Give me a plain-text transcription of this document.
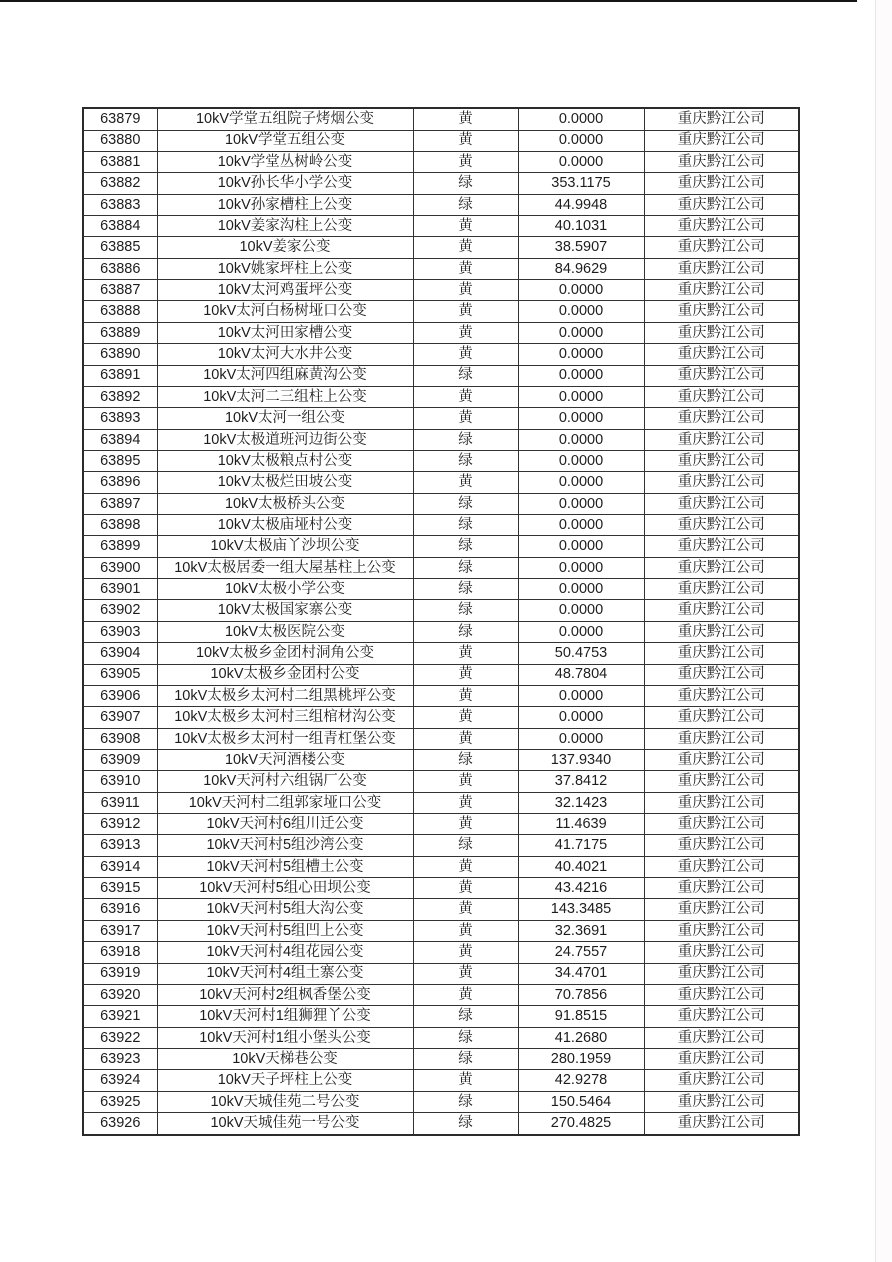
63879	10kV学堂五组院子烤烟公变	黄	0.0000	重庆黔江公司
63880	10kV学堂五组公变	黄	0.0000	重庆黔江公司
63881	10kV学堂丛树岭公变	黄	0.0000	重庆黔江公司
63882	10kV孙长华小学公变	绿	353.1175	重庆黔江公司
63883	10kV孙家槽柱上公变	绿	44.9948	重庆黔江公司
63884	10kV姜家沟柱上公变	黄	40.1031	重庆黔江公司
63885	10kV姜家公变	黄	38.5907	重庆黔江公司
63886	10kV姚家坪柱上公变	黄	84.9629	重庆黔江公司
63887	10kV太河鸡蛋坪公变	黄	0.0000	重庆黔江公司
63888	10kV太河白杨树垭口公变	黄	0.0000	重庆黔江公司
63889	10kV太河田家槽公变	黄	0.0000	重庆黔江公司
63890	10kV太河大水井公变	黄	0.0000	重庆黔江公司
63891	10kV太河四组麻黄沟公变	绿	0.0000	重庆黔江公司
63892	10kV太河二三组柱上公变	黄	0.0000	重庆黔江公司
63893	10kV太河一组公变	黄	0.0000	重庆黔江公司
63894	10kV太极道班河边街公变	绿	0.0000	重庆黔江公司
63895	10kV太极粮点村公变	绿	0.0000	重庆黔江公司
63896	10kV太极烂田坡公变	黄	0.0000	重庆黔江公司
63897	10kV太极桥头公变	绿	0.0000	重庆黔江公司
63898	10kV太极庙垭村公变	绿	0.0000	重庆黔江公司
63899	10kV太极庙丫沙坝公变	绿	0.0000	重庆黔江公司
63900	10kV太极居委一组大屋基柱上公变	绿	0.0000	重庆黔江公司
63901	10kV太极小学公变	绿	0.0000	重庆黔江公司
63902	10kV太极国家寨公变	绿	0.0000	重庆黔江公司
63903	10kV太极医院公变	绿	0.0000	重庆黔江公司
63904	10kV太极乡金团村洞角公变	黄	50.4753	重庆黔江公司
63905	10kV太极乡金团村公变	黄	48.7804	重庆黔江公司
63906	10kV太极乡太河村二组黑桃坪公变	黄	0.0000	重庆黔江公司
63907	10kV太极乡太河村三组棺材沟公变	黄	0.0000	重庆黔江公司
63908	10kV太极乡太河村一组青杠堡公变	黄	0.0000	重庆黔江公司
63909	10kV天河酒楼公变	绿	137.9340	重庆黔江公司
63910	10kV天河村六组锅厂公变	黄	37.8412	重庆黔江公司
63911	10kV天河村二组郭家垭口公变	黄	32.1423	重庆黔江公司
63912	10kV天河村6组川迁公变	黄	11.4639	重庆黔江公司
63913	10kV天河村5组沙湾公变	绿	41.7175	重庆黔江公司
63914	10kV天河村5组槽土公变	黄	40.4021	重庆黔江公司
63915	10kV天河村5组心田坝公变	黄	43.4216	重庆黔江公司
63916	10kV天河村5组大沟公变	黄	143.3485	重庆黔江公司
63917	10kV天河村5组凹上公变	黄	32.3691	重庆黔江公司
63918	10kV天河村4组花园公变	黄	24.7557	重庆黔江公司
63919	10kV天河村4组土寨公变	黄	34.4701	重庆黔江公司
63920	10kV天河村2组枫香堡公变	黄	70.7856	重庆黔江公司
63921	10kV天河村1组狮狸丫公变	绿	91.8515	重庆黔江公司
63922	10kV天河村1组小堡头公变	绿	41.2680	重庆黔江公司
63923	10kV天梯巷公变	绿	280.1959	重庆黔江公司
63924	10kV天子坪柱上公变	黄	42.9278	重庆黔江公司
63925	10kV天城佳苑二号公变	绿	150.5464	重庆黔江公司
63926	10kV天城佳苑一号公变	绿	270.4825	重庆黔江公司
